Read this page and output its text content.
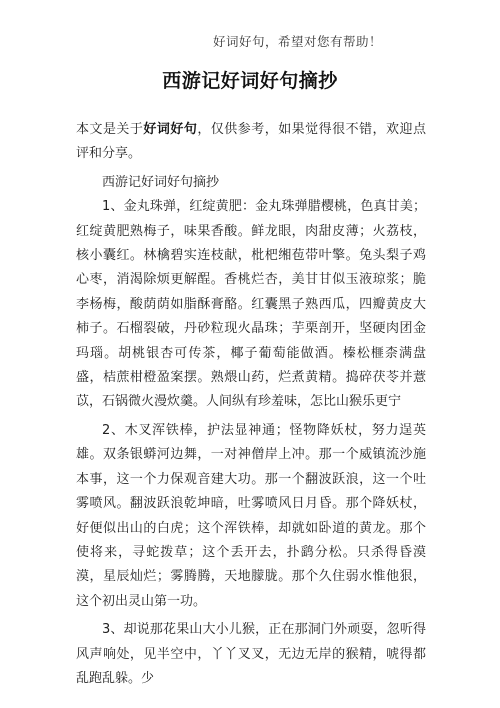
好词好句，希望对您有帮助！
西游记好词好句摘抄

本文是关于好词好句，仅供参考，如果觉得很不错，欢迎点评和分享。

西游记好词好句摘抄

1、金丸珠弹，红绽黄肥：金丸珠弹腊樱桃，色真甘美；红绽黄肥熟梅子，味果香酸。鲜龙眼，肉甜皮薄；火荔枝，核小囊红。林檎碧实连枝献，枇杷缃苞带叶擎。兔头梨子鸡心枣，消渴除烦更解酲。香桃烂杏，美甘甘似玉液琼浆；脆李杨梅，酸荫荫如脂酥膏酪。红囊黑子熟西瓜，四瓣黄皮大柿子。石榴裂破，丹砂粒现火晶珠；芋栗剖开，坚硬肉团金玛瑙。胡桃银杏可传茶，椰子葡萄能做酒。榛松榧柰满盘盛，桔蔗柑橙盈案摆。熟煨山药，烂煮黄精。捣碎茯苓并薏苡，石锅微火漫炊羹。人间纵有珍羞味，怎比山猴乐更宁

2、木叉浑铁棒，护法显神通；怪物降妖杖，努力逞英雄。双条银蟒河边舞，一对神僧岸上冲。那一个威镇流沙施本事，这一个力保观音建大功。那一个翻波跃浪，这一个吐雾喷风。翻波跃浪乾坤暗，吐雾喷风日月昏。那个降妖杖，好便似出山的白虎；这个浑铁棒，却就如卧道的黄龙。那个使将来，寻蛇拨草；这个丢开去，扑鹞分松。只杀得昏漠漠，星辰灿烂；雾腾腾，天地朦胧。那个久住弱水惟他狠，这个初出灵山第一功。

3、却说那花果山大小儿猴，正在那洞门外顽耍，忽听得风声响处，见半空中，丫丫叉叉，无边无岸的猴精，唬得都乱跑乱躲。少
